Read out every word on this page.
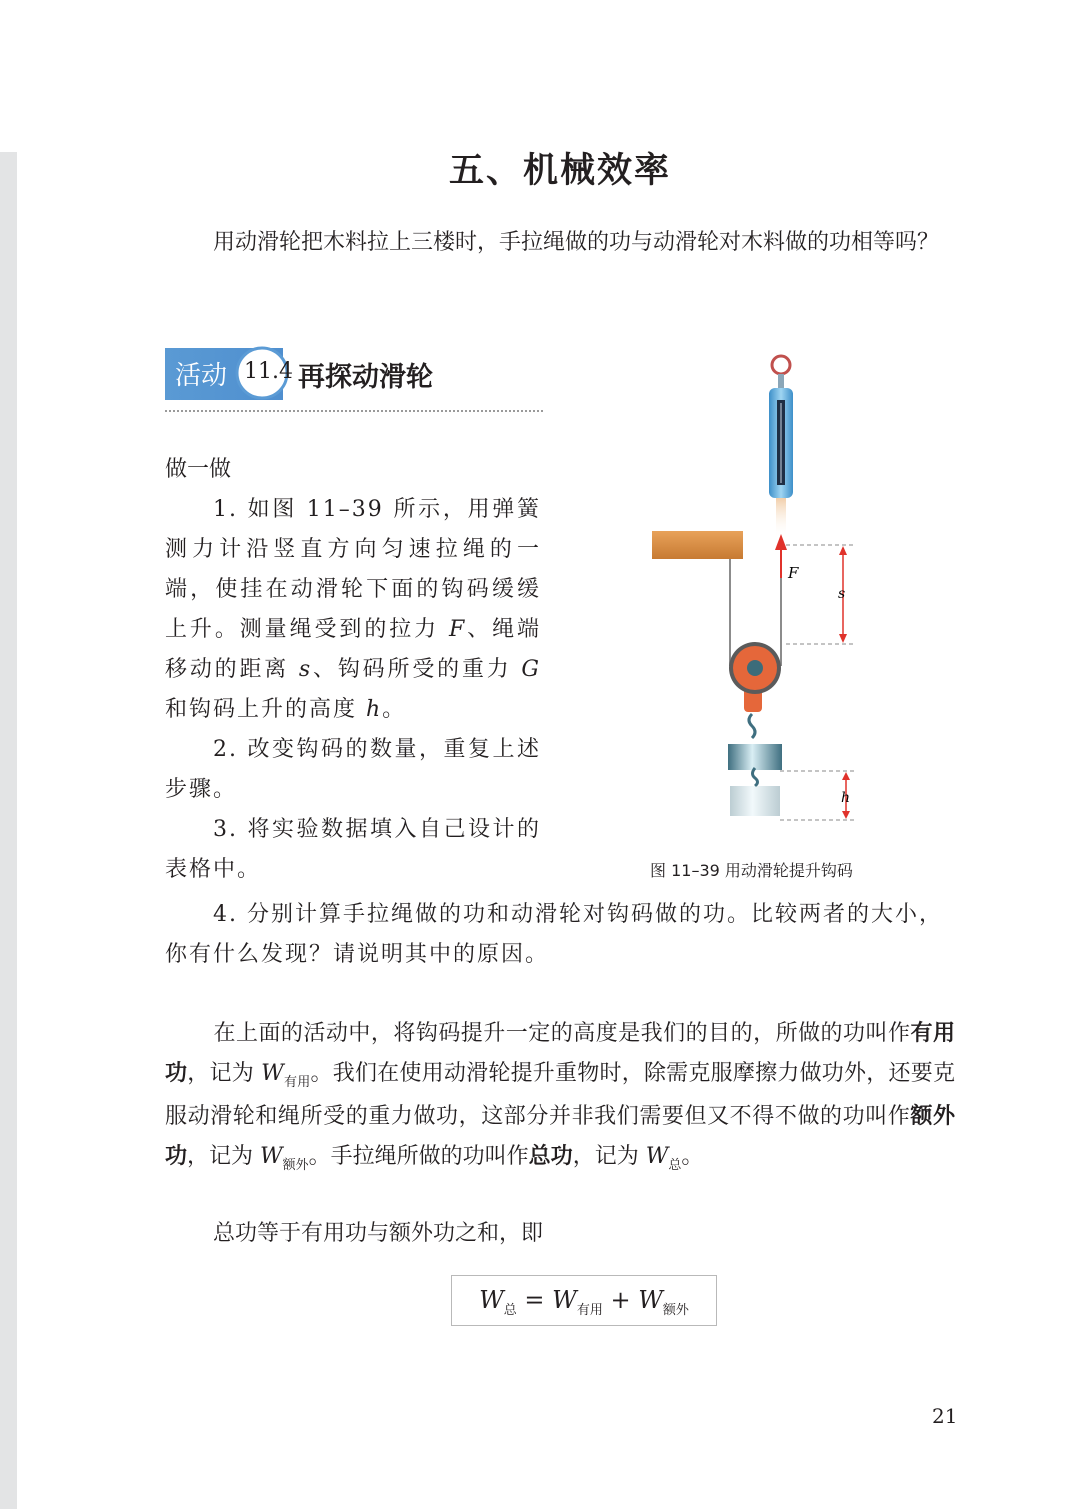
五、机械效率
用动滑轮把木料拉上三楼时，手拉绳做的功与动滑轮对木料做的功相等吗？
活动 11.4 再探动滑轮
做一做
1. 如图 11–39 所示，用弹簧测力计沿竖直方向匀速拉绳的一端，使挂在动滑轮下面的钩码缓缓上升。测量绳受到的拉力 F、绳端移动的距离 s、钩码所受的重力 G 和钩码上升的高度 h。
2. 改变钩码的数量，重复上述步骤。
3. 将实验数据填入自己设计的表格中。
4. 分别计算手拉绳做的功和动滑轮对钩码做的功。比较两者的大小，你有什么发现？请说明其中的原因。
F
s
h
图 11–39 用动滑轮提升钩码
在上面的活动中，将钩码提升一定的高度是我们的目的，所做的功叫作有用功，记为 $W_{有用}$。我们在使用动滑轮提升重物时，除需克服摩擦力做功外，还要克服动滑轮和绳所受的重力做功，这部分并非我们需要但又不得不做的功叫作额外功，记为 $W_{额外}$。手拉绳所做的功叫作总功，记为 $W_总$。
总功等于有用功与额外功之和，即
$W_总 = W_{有用} + W_{额外}$
21
